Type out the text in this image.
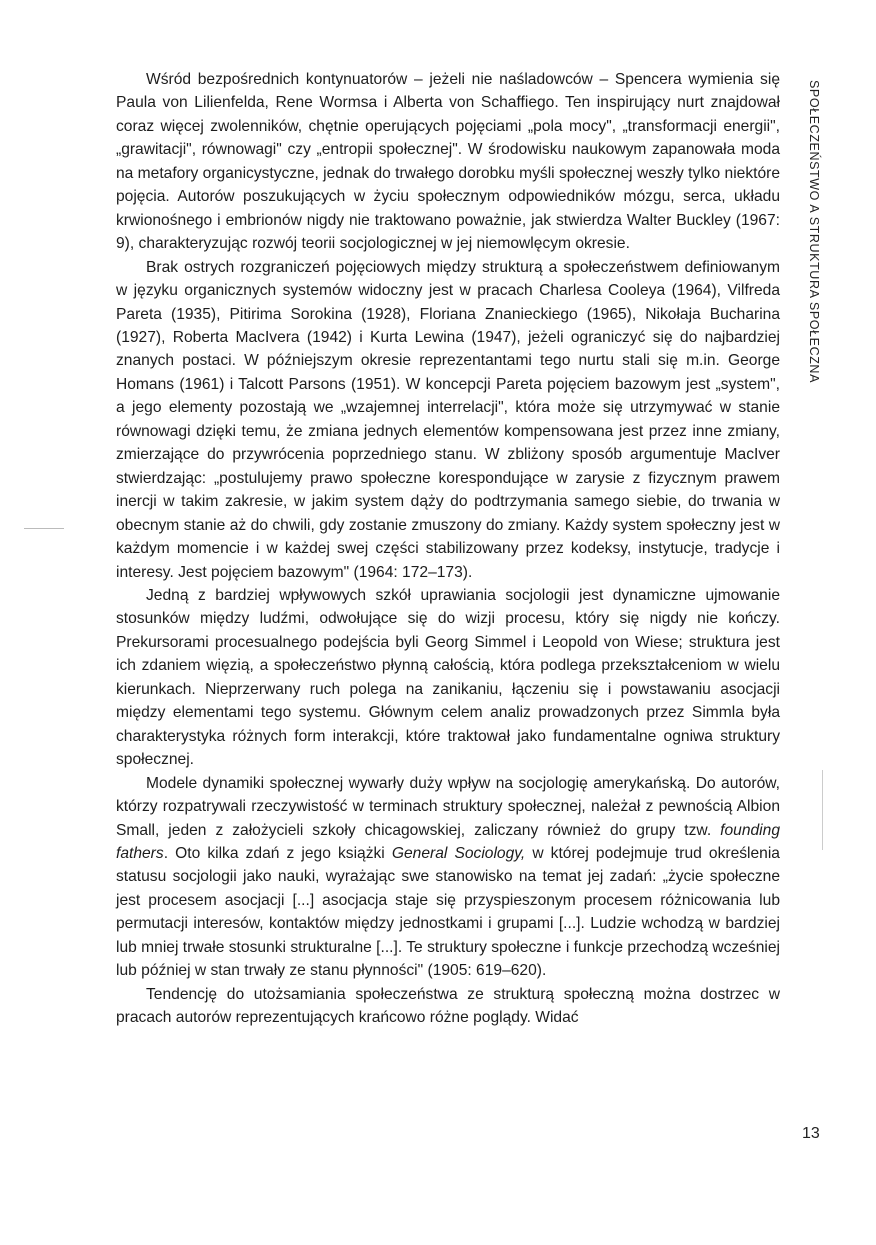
Wśród bezpośrednich kontynuatorów – jeżeli nie naśladowców – Spencera wymienia się Paula von Lilienfelda, Rene Wormsa i Alberta von Schaffiego. Ten inspirujący nurt znajdował coraz więcej zwolenników, chętnie operujących pojęciami „pola mocy", „transformacji energii", „grawitacji", równowagi" czy „entropii społecznej". W środowisku naukowym zapanowała moda na metafory organicystyczne, jednak do trwałego dorobku myśli społecznej weszły tylko niektóre pojęcia. Autorów poszukujących w życiu społecznym odpowiedników mózgu, serca, układu krwionośnego i embrionów nigdy nie traktowano poważnie, jak stwierdza Walter Buckley (1967: 9), charakteryzując rozwój teorii socjologicznej w jej niemowlęcym okresie.

Brak ostrych rozgraniczeń pojęciowych między strukturą a społeczeństwem definiowanym w języku organicznych systemów widoczny jest w pracach Charlesa Cooleya (1964), Vilfreda Pareta (1935), Pitirima Sorokina (1928), Floriana Znanieckiego (1965), Nikołaja Bucharina (1927), Roberta MacIvera (1942) i Kurta Lewina (1947), jeżeli ograniczyć się do najbardziej znanych postaci. W późniejszym okresie reprezentantami tego nurtu stali się m.in. George Homans (1961) i Talcott Parsons (1951). W koncepcji Pareta pojęciem bazowym jest „system", a jego elementy pozostają we „wzajemnej interrelacji", która może się utrzymywać w stanie równowagi dzięki temu, że zmiana jednych elementów kompensowana jest przez inne zmiany, zmierzające do przywrócenia poprzedniego stanu. W zbliżony sposób argumentuje MacIver stwierdzając: „postulujemy prawo społeczne korespondujące w zarysie z fizycznym prawem inercji w takim zakresie, w jakim system dąży do podtrzymania samego siebie, do trwania w obecnym stanie aż do chwili, gdy zostanie zmuszony do zmiany. Każdy system społeczny jest w każdym momencie i w każdej swej części stabilizowany przez kodeksy, instytucje, tradycje i interesy. Jest pojęciem bazowym" (1964: 172–173).

Jedną z bardziej wpływowych szkół uprawiania socjologii jest dynamiczne ujmowanie stosunków między ludźmi, odwołujące się do wizji procesu, który się nigdy nie kończy. Prekursorami procesualnego podejścia byli Georg Simmel i Leopold von Wiese; struktura jest ich zdaniem więzią, a społeczeństwo płynną całością, która podlega przekształceniom w wielu kierunkach. Nieprzerwany ruch polega na zanikaniu, łączeniu się i powstawaniu asocjacji między elementami tego systemu. Głównym celem analiz prowadzonych przez Simmla była charakterystyka różnych form interakcji, które traktował jako fundamentalne ogniwa struktury społecznej.

Modele dynamiki społecznej wywarły duży wpływ na socjologię amerykańską. Do autorów, którzy rozpatrywali rzeczywistość w terminach struktury społecznej, należał z pewnością Albion Small, jeden z założycieli szkoły chicagowskiej, zaliczany również do grupy tzw. founding fathers. Oto kilka zdań z jego książki General Sociology, w której podejmuje trud określenia statusu socjologii jako nauki, wyrażając swe stanowisko na temat jej zadań: „życie społeczne jest procesem asocjacji [...] asocjacja staje się przyspieszonym procesem różnicowania lub permutacji interesów, kontaktów między jednostkami i grupami [...]. Ludzie wchodzą w bardziej lub mniej trwałe stosunki strukturalne [...]. Te struktury społeczne i funkcje przechodzą wcześniej lub później w stan trwały ze stanu płynności" (1905: 619–620).

Tendencję do utożsamiania społeczeństwa ze strukturą społeczną można dostrzec w pracach autorów reprezentujących krańcowo różne poglądy. Widać

SPOŁECZEŃSTWO A STRUKTURA SPOŁECZNA
13
